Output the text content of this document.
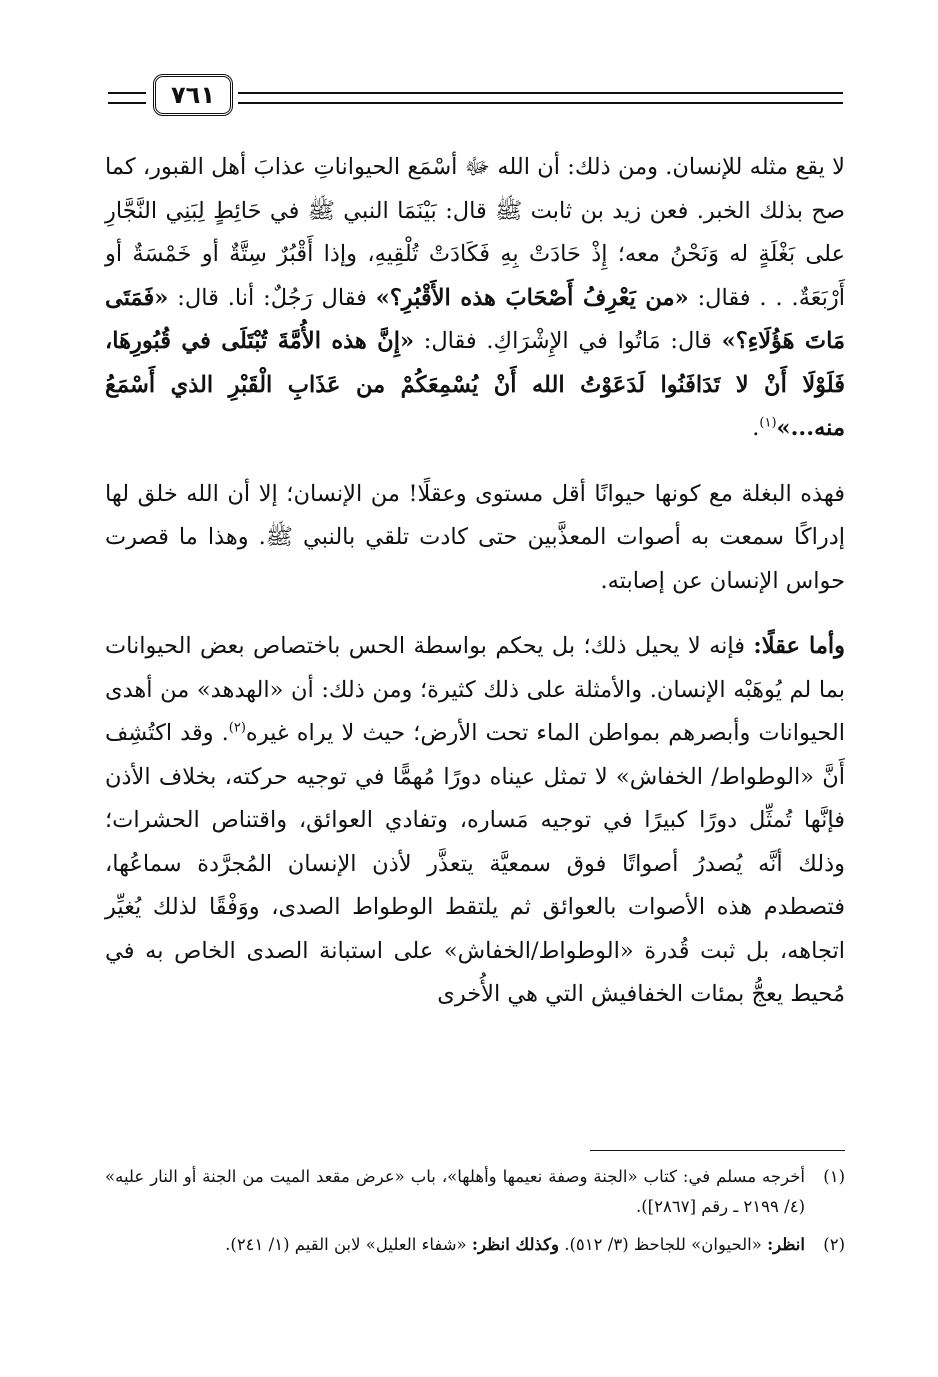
٧٦١

لا يقع مثله للإنسان. ومن ذلك: أن الله ﷻ أسْمَع الحيواناتِ عذابَ أهل القبور، كما صح بذلك الخبر. فعن زيد بن ثابت ﷺ قال: بَيْنَمَا النبي ﷺ في حَائِطٍ لِبَنِي النَّجَّارِ على بَغْلَةٍ له وَنَحْنُ معه؛ إِذْ حَادَتْ بِهِ فَكَادَتْ تُلْقِيهِ، وإذا أَقْبُرٌ سِتَّةٌ أو خَمْسَةٌ أو أَرْبَعَةٌ. . . فقال: «من يَعْرِفُ أَصْحَابَ هذه الأَقْبُرِ؟» فقال رَجُلٌ: أنا. قال: «فَمَتَى مَاتَ هَؤُلَاءِ؟» قال: مَاتُوا في الإِشْرَاكِ. فقال: «إِنَّ هذه الأُمَّةَ تُبْتَلَى في قُبُورِهَا، فَلَوْلَا أَنْ لا تَدَافَنُوا لَدَعَوْتُ الله أَنْ يُسْمِعَكُمْ من عَذَابِ الْقَبْرِ الذي أَسْمَعُ منه...»$^{(١)}$.

فهذه البغلة مع كونها حيوانًا أقل مستوى وعقلًا! من الإنسان؛ إلا أن الله خلق لها إدراكًا سمعت به أصوات المعذَّبين حتى كادت تلقي بالنبي ﷺ. وهذا ما قصرت حواس الإنسان عن إصابته.

وأما عقلًا: فإنه لا يحيل ذلك؛ بل يحكم بواسطة الحس باختصاص بعض الحيوانات بما لم يُوهَبْه الإنسان. والأمثلة على ذلك كثيرة؛ ومن ذلك: أن «الهدهد» من أهدى الحيوانات وأبصرهم بمواطن الماء تحت الأرض؛ حيث لا يراه غيره$^{(٢)}$. وقد اكتُشِف أَنَّ «الوطواط/ الخفاش» لا تمثل عيناه دورًا مُهمًّا في توجيه حركته، بخلاف الأذن فإنَّها تُمثِّل دورًا كبيرًا في توجيه مَساره، وتفادي العوائق، واقتناص الحشرات؛ وذلك أنَّه يُصدرُ أصواتًا فوق سمعيَّة يتعذَّر لأذن الإنسان المُجرَّدة سماعُها، فتصطدم هذه الأصوات بالعوائق ثم يلتقط الوطواط الصدى، ووَفْقًا لذلك يُغيِّر اتجاهه، بل ثبت قُدرة «الوطواط/الخفاش» على استبانة الصدى الخاص به في مُحيط يعجُّ بمئات الخفافيش التي هي الأُخرى

(١)
أخرجه مسلم في: كتاب «الجنة وصفة نعيمها وأهلها»، باب «عرض مقعد الميت من الجنة أو النار عليه» (٤/ ٢١٩٩ ـ رقم [٢٨٦٧]).
(٢)
انظر: «الحيوان» للجاحظ (٣/ ٥١٢). وكذلك انظر: «شفاء العليل» لابن القيم (١/ ٢٤١).
